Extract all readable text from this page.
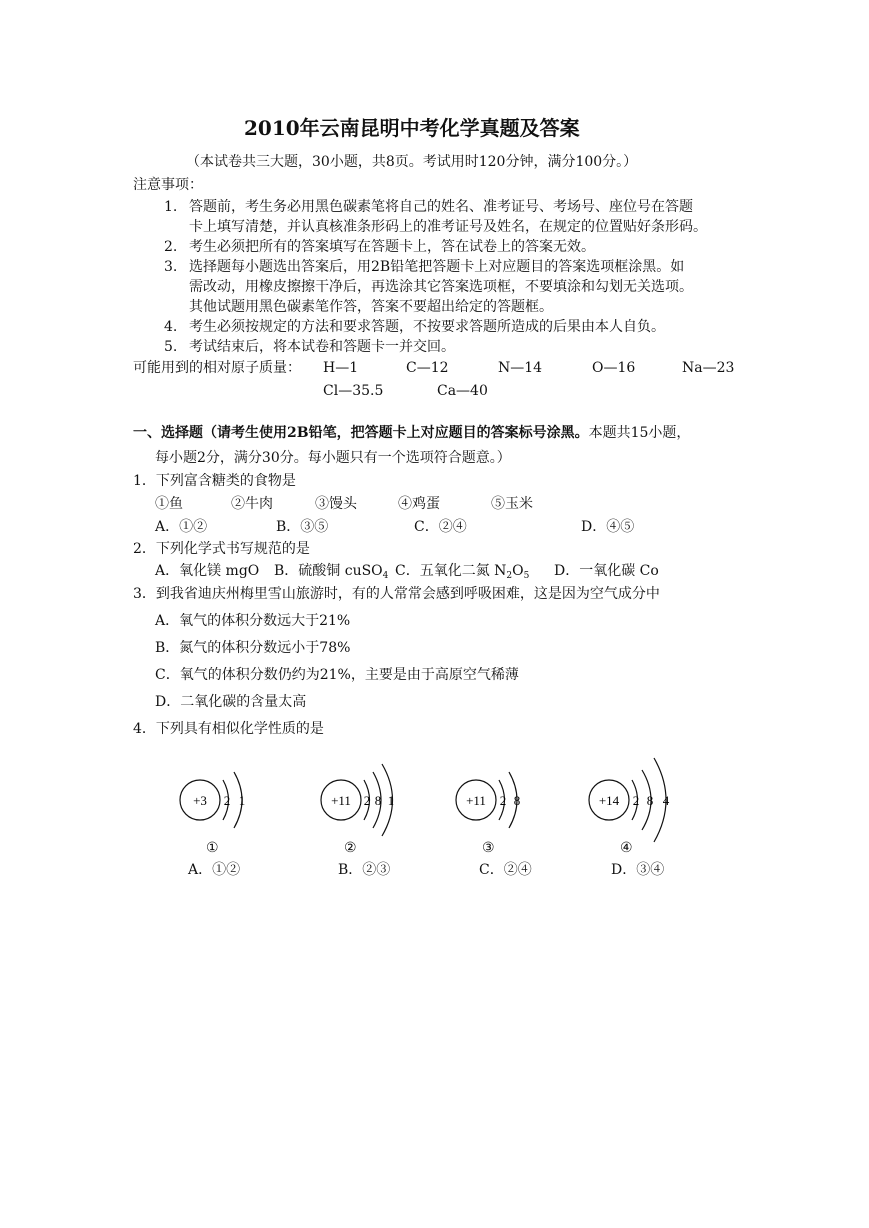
2010年云南昆明中考化学真题及答案
（本试卷共三大题，30小题，共8页。考试用时120分钟，满分100分。）
注意事项：
1. 答题前，考生务必用黑色碳素笔将自己的姓名、准考证号、考场号、座位号在答题
卡上填写清楚，并认真核准条形码上的准考证号及姓名，在规定的位置贴好条形码。
2. 考生必须把所有的答案填写在答题卡上，答在试卷上的答案无效。
3. 选择题每小题选出答案后，用2B铅笔把答题卡上对应题目的答案选项框涂黑。如
需改动，用橡皮擦擦干净后，再选涂其它答案选项框，不要填涂和勾划无关选项。
其他试题用黑色碳素笔作答，答案不要超出给定的答题框。
4. 考生必须按规定的方法和要求答题，不按要求答题所造成的后果由本人自负。
5. 考试结束后，将本试卷和答题卡一并交回。
可能用到的相对原子质量： H—1	C—12	N—14	O—16	Na—23
Cl—35.5	Ca—40
一、选择题（请考生使用2B铅笔，把答题卡上对应题目的答案标号涂黑。本题共15小题，
每小题2分，满分30分。每小题只有一个选项符合题意。）
1．下列富含糖类的食物是
①鱼	②牛肉	③馒头	④鸡蛋	⑤玉米
A．①②	B．③⑤	C．②④	D．④⑤
2．下列化学式书写规范的是
A．氧化镁 mgO B．硫酸铜 cuSO$_4$ C．五氧化二氮 $N_2O_5$ D．一氧化碳 Co
3．到我省迪庆州梅里雪山旅游时，有的人常常会感到呼吸困难，这是因为空气成分中
A．氧气的体积分数远大于21%
B．氮气的体积分数远小于78%
C．氧气的体积分数仍约为21%，主要是由于高原空气稀薄
D．二氧化碳的含量太高
4．下列具有相似化学性质的是
+3 2 1	+11 2 8 1	+11 2 8	+14 2 8 4
①	②	③	④
A．①②	B．②③	C．②④	D．③④
